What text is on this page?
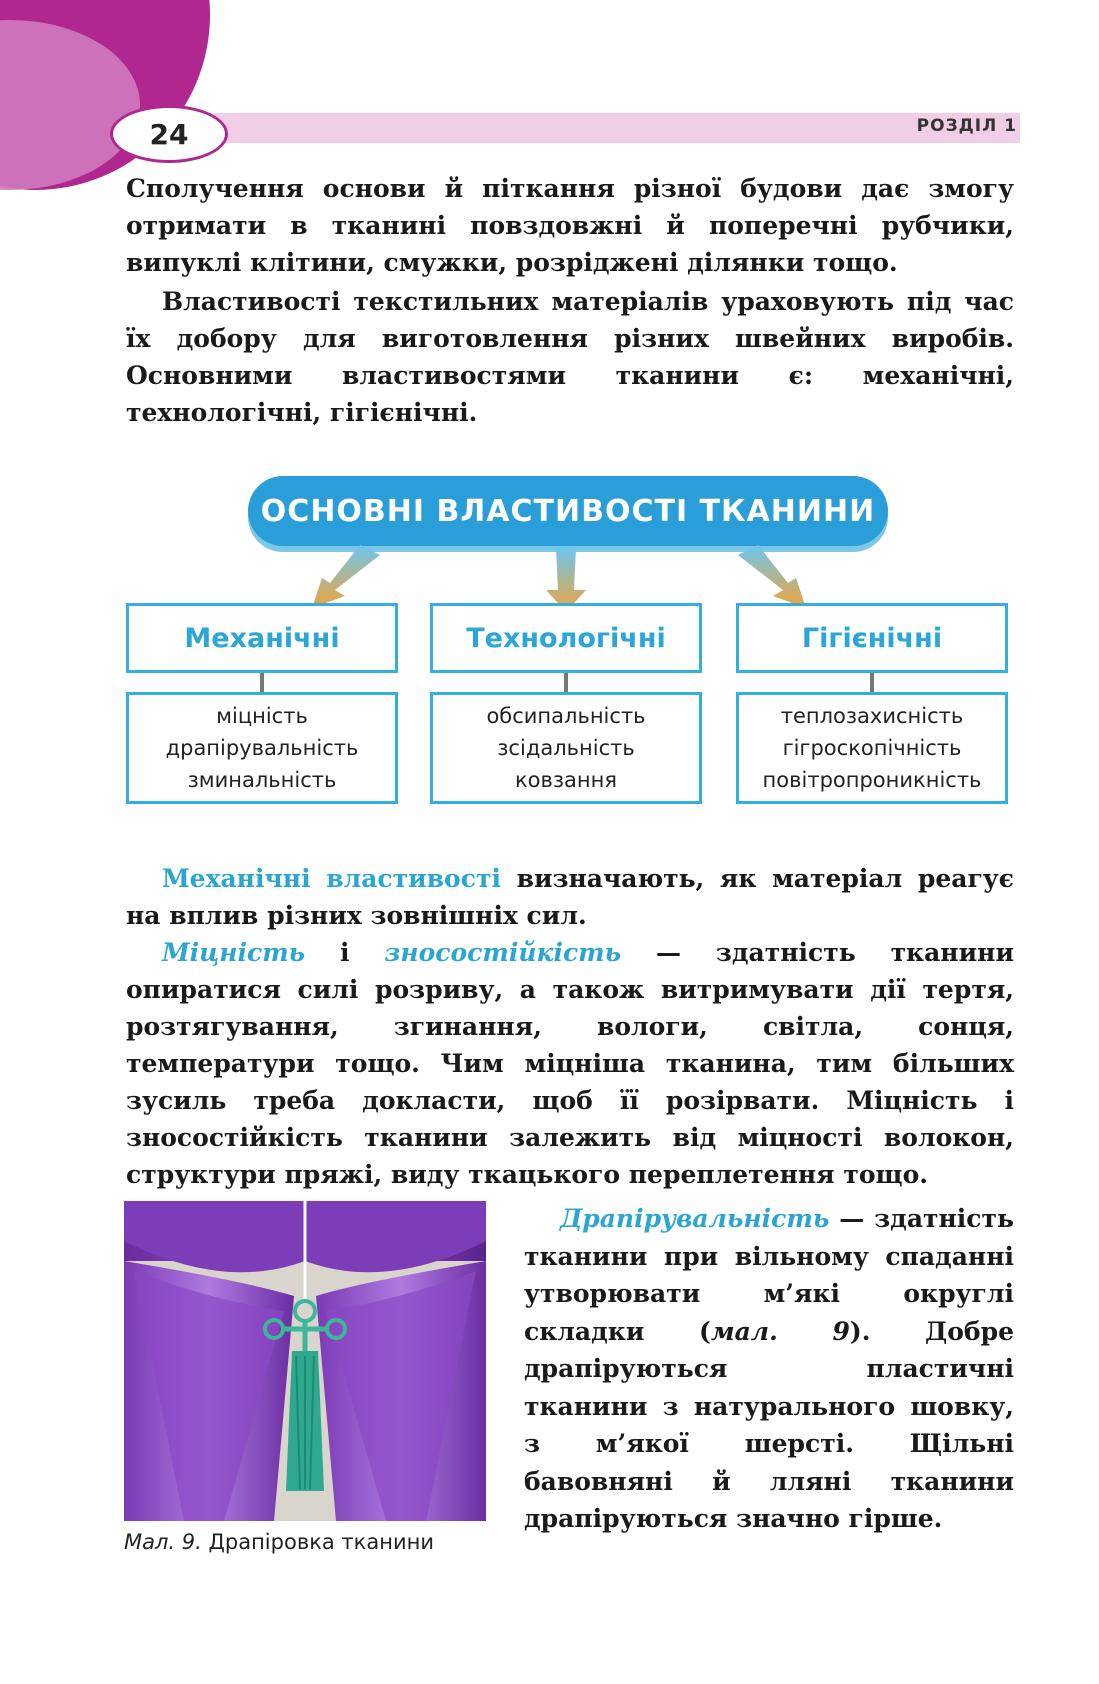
24	РОЗДІЛ 1

Сполучення основи й піткання різної будови дає змогу отримати в тканині повздовжні й поперечні рубчики, випуклі клітини, смужки, розріджені ділянки тощо.

Властивості текстильних матеріалів ураховують під час їх добору для виготовлення різних швейних виробів. Основними властивостями тканини є: механічні, технологічні, гігієнічні.

ОСНОВНІ ВЛАСТИВОСТІ ТКАНИНИ
Механічні	Технологічні	Гігієнічні
міцність
драпірувальність
зминальність
обсипальність
зсідальність
ковзання
теплозахисність
гігроскопічність
повітропроникність

Механічні властивості визначають, як матеріал реагує на вплив різних зовнішніх сил.

Міцність і зносостійкість — здатність тканини опиратися силі розриву, а також витримувати дії тертя, розтягування, згинання, вологи, світла, сонця, температури тощо. Чим міцніша тканина, тим більших зусиль треба докласти, щоб її розірвати. Міцність і зносостійкість тканини залежить від міцності волокон, структури пряжі, виду ткацького переплетення тощо.

Мал. 9. Драпіровка тканини

Драпірувальність — здатність тканини при вільному спаданні утворювати м’які округлі складки (мал. 9). Добре драпіруються пластичні тканини з натурального шовку, з м’якої шерсті. Щільні бавовняні й лляні тканини драпіруються значно гірше.
